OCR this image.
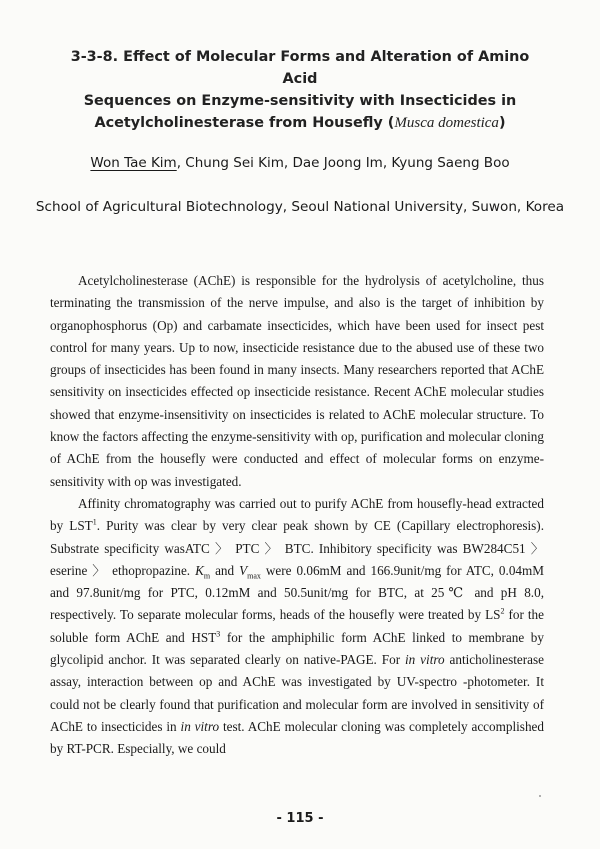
3-3-8. Effect of Molecular Forms and Alteration of Amino Acid
Sequences on Enzyme-sensitivity with Insecticides in
Acetylcholinesterase from Housefly (Musca domestica)
Won Tae Kim, Chung Sei Kim, Dae Joong Im, Kyung Saeng Boo
School of Agricultural Biotechnology, Seoul National University, Suwon, Korea

Acetylcholinesterase (AChE) is responsible for the hydrolysis of acetylcholine, thus terminating the transmission of the nerve impulse, and also is the target of inhibition by organophosphorus (Op) and carbamate insecticides, which have been used for insect pest control for many years. Up to now, insecticide resistance due to the abused use of these two groups of insecticides has been found in many insects. Many researchers reported that AChE sensitivity on insecticides effected op insecticide resistance. Recent AChE molecular studies showed that enzyme-insensitivity on insecticides is related to AChE molecular structure. To know the factors affecting the enzyme-sensitivity with op, purification and molecular cloning of AChE from the housefly were conducted and effect of molecular forms on enzyme-sensitivity with op was investigated.

Affinity chromatography was carried out to purify AChE from housefly-head extracted by LST$^1$. Purity was clear by very clear peak shown by CE (Capillary electrophoresis). Substrate specificity wasATC 〉 PTC 〉 BTC. Inhibitory specificity was BW284C51 〉 eserine 〉 ethopropazine. $K_m$ and $V_{max}$ were 0.06mM and 166.9unit/mg for ATC, 0.04mM and 97.8unit/mg for PTC, 0.12mM and 50.5unit/mg for BTC, at 25℃ and pH 8.0, respectively. To separate molecular forms, heads of the housefly were treated by $LS^2$ for the soluble form AChE and HST$^3$ for the amphiphilic form AChE linked to membrane by glycolipid anchor. It was separated clearly on native-PAGE. For in vitro anticholinesterase assay, interaction between op and AChE was investigated by UV-spectro -photometer. It could not be clearly found that purification and molecular form are involved in sensitivity of AChE to insecticides in in vitro test. AChE molecular cloning was completely accomplished by RT-PCR. Especially, we could

- 115 -
